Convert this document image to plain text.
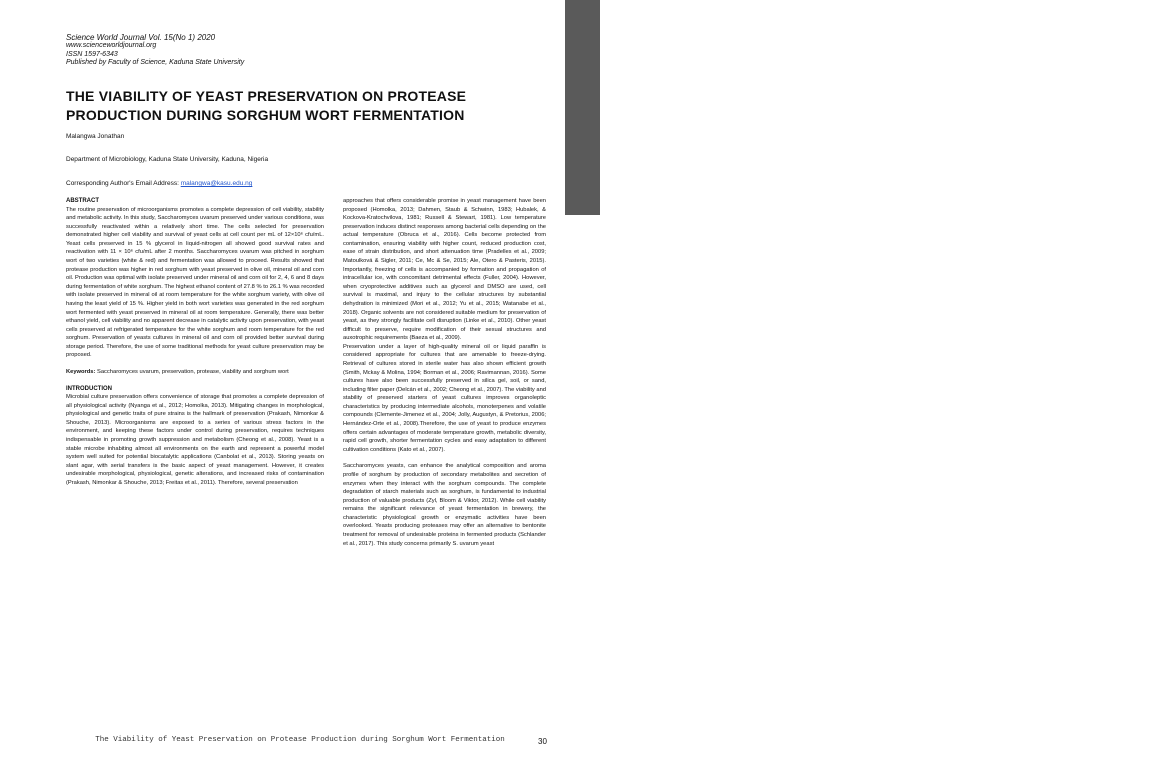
Full Length Research Article
Science World Journal Vol. 15(No 1) 2020
www.scienceworldjournal.org
ISSN 1597-6343
Published by Faculty of Science, Kaduna State University
THE VIABILITY OF YEAST PRESERVATION ON PROTEASE PRODUCTION DURING SORGHUM WORT FERMENTATION
Malangwa Jonathan
Department of Microbiology, Kaduna State University, Kaduna, Nigeria
Corresponding Author's Email Address: malangwa@kasu.edu.ng
ABSTRACT

The routine preservation of microorganisms promotes a complete depression of cell viability, stability and metabolic activity. In this study, Saccharomyces uvarum preserved under various conditions, was successfully reactivated within a relatively short time. The cells selected for preservation demonstrated higher cell viability and survival of yeast cells at cell count per mL of 12×10⁶ cfu/mL. Yeast cells preserved in 15 % glycerol in liquid-nitrogen all showed good survival rates and reactivation with 11 × 10⁶ cfu/mL after 2 months. Saccharomyces uvarum was pitched in sorghum wort of two varieties (white & red) and fermentation was allowed to proceed. Results showed that protease production was higher in red sorghum with yeast preserved in olive oil, mineral oil and corn oil. Production was optimal with isolate preserved under mineral oil and corn oil for 2, 4, 6 and 8 days during fermentation of white sorghum. The highest ethanol content of 27.8 % to 26.1 % was recorded with isolate preserved in mineral oil at room temperature for the white sorghum variety, with olive oil having the least yield of 15 %. Higher yield in both wort varieties was generated in the red sorghum wort fermented with yeast preserved in mineral oil at room temperature. Generally, there was better ethanol yield, cell viability and no apparent decrease in catalytic activity upon preservation, with yeast cells preserved at refrigerated temperature for the white sorghum and room temperature for the red sorghum. Preservation of yeasts cultures in mineral oil and corn oil provided better survival during storage period. Therefore, the use of some traditional methods for yeast culture preservation may be proposed.

Keywords: Saccharomyces uvarum, preservation, protease, viability and sorghum wort

INTRODUCTION

Microbial culture preservation offers convenience of storage that promotes a complete depression of all physiological activity (Nyanga et al., 2012; Homolka, 2013). Mitigating changes in morphological, physiological and genetic traits of pure strains is the hallmark of preservation (Prakash, Nimonkar & Shouche, 2013). Microorganisms are exposed to a series of various stress factors in the environment, and keeping these factors under control during preservation, requires techniques indispensable in promoting growth suppression and metabolism (Cheong et al., 2008). Yeast is a stable microbe inhabiting almost all environments on the earth and represent a powerful model system well suited for potential biocatalytic applications (Canbolat et al., 2013). Storing yeasts on slant agar, with serial transfers is the basic aspect of yeast management. However, it creates undesirable morphological, physiological, genetic alterations, and increased risks of contamination (Prakash, Nimonkar & Shouche, 2013; Freitas et al., 2011). Therefore, several preservation

approaches that offers considerable promise in yeast management have been proposed (Homolka, 2013; Dahmen, Staub & Schwinn, 1983; Hubalek, & Kockova-Kratochvilova, 1981; Russell & Stewart, 1981). Low temperature preservation induces distinct responses among bacterial cells depending on the actual temperature (Obruca et al., 2016). Cells become protected from contamination, ensuring viability with higher count, reduced production cost, ease of strain distribution, and short attenuation time (Pradelles et al., 2009; Matoulková & Sigler, 2011; Ce, Mc & Se, 2015; Ale, Otero & Pasteris, 2015). Importantly, freezing of cells is accompanied by formation and propagation of intracellular ice, with concomitant detrimental effects (Fuller, 2004). However, when cryoprotective additives such as glycerol and DMSO are used, cell survival is maximal, and injury to the cellular structures by substantial dehydration is minimized (Mori et al., 2012; Yu et al., 2015; Watanabe et al., 2018). Organic solvents are not considered suitable medium for preservation of yeast, as they strongly facilitate cell disruption (Linke et al., 2010). Other yeast difficult to preserve, require modification of their sexual structures and auxotrophic requirements (Baeza et al., 2009).

Preservation under a layer of high-quality mineral oil or liquid paraffin is considered appropriate for cultures that are amenable to freeze-drying. Retrieval of cultures stored in sterile water has also shown efficient growth (Smith, Mckay & Molina, 1994; Borman et al., 2006; Ravimannan, 2016). Some cultures have also been successfully preserved in silica gel, soil, or sand, including filter paper (Delcán et al., 2002; Cheong et al., 2007). The viability and stability of preserved starters of yeast cultures improves organoleptic characteristics by producing intermediate alcohols, monoterpenes and volatile compounds (Clemente-Jimenez et al., 2004; Jolly, Augustyn, & Pretorius, 2006; Hernández-Orte et al., 2008).Therefore, the use of yeast to produce enzymes offers certain advantages of moderate temperature growth, metabolic diversity, rapid cell growth, shorter fermentation cycles and easy adaptation to different cultivation conditions (Kato et al., 2007).

Saccharomyces yeasts, can enhance the analytical composition and aroma profile of sorghum by production of secondary metabolites and secretion of enzymes when they interact with the sorghum compounds. The complete degradation of starch materials such as sorghum, is fundamental to industrial production of valuable products (Zyl, Bloom & Viktor, 2012). While cell viability remains the significant relevance of yeast fermentation in brewery, the characteristic physiological growth or enzymatic activities have been overlooked. Yeasts producing proteases may offer an alternative to bentonite treatment for removal of undesirable proteins in fermented products (Schlander et al., 2017). This study concerns primarily S. uvarum yeast

The Viability of Yeast Preservation on Protease Production during Sorghum Wort Fermentation	30
